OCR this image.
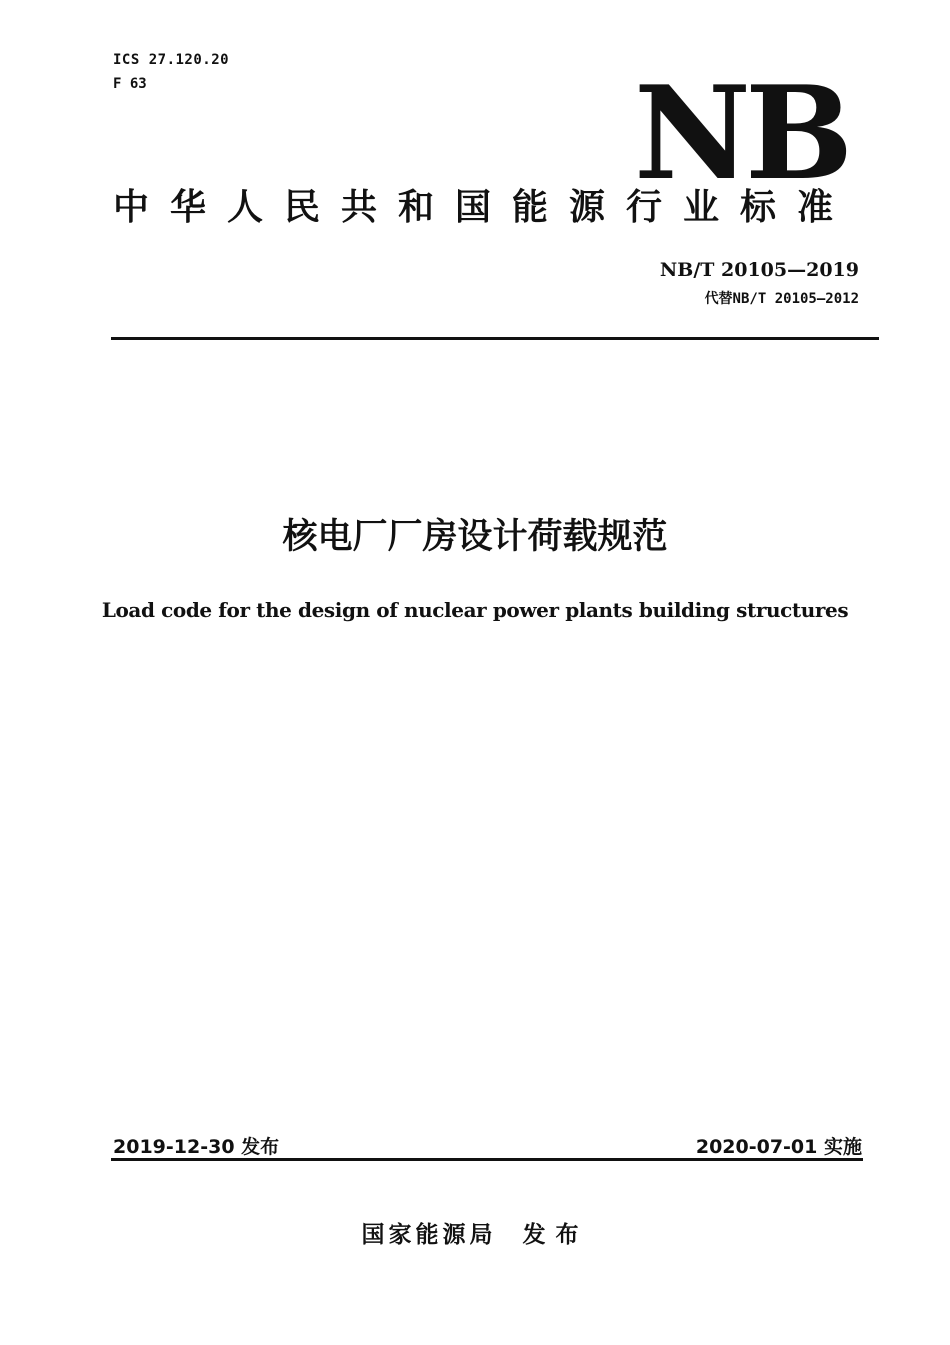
ICS 27.120.20
F 63	NB
中华人民共和国能源行业标准
NB/T 20105—2019
代替NB/T 20105—2012
核电厂厂房设计荷载规范
Load code for the design of nuclear power plants building structures
2019-12-30 发布	2020-07-01 实施
国家能源局 发布
